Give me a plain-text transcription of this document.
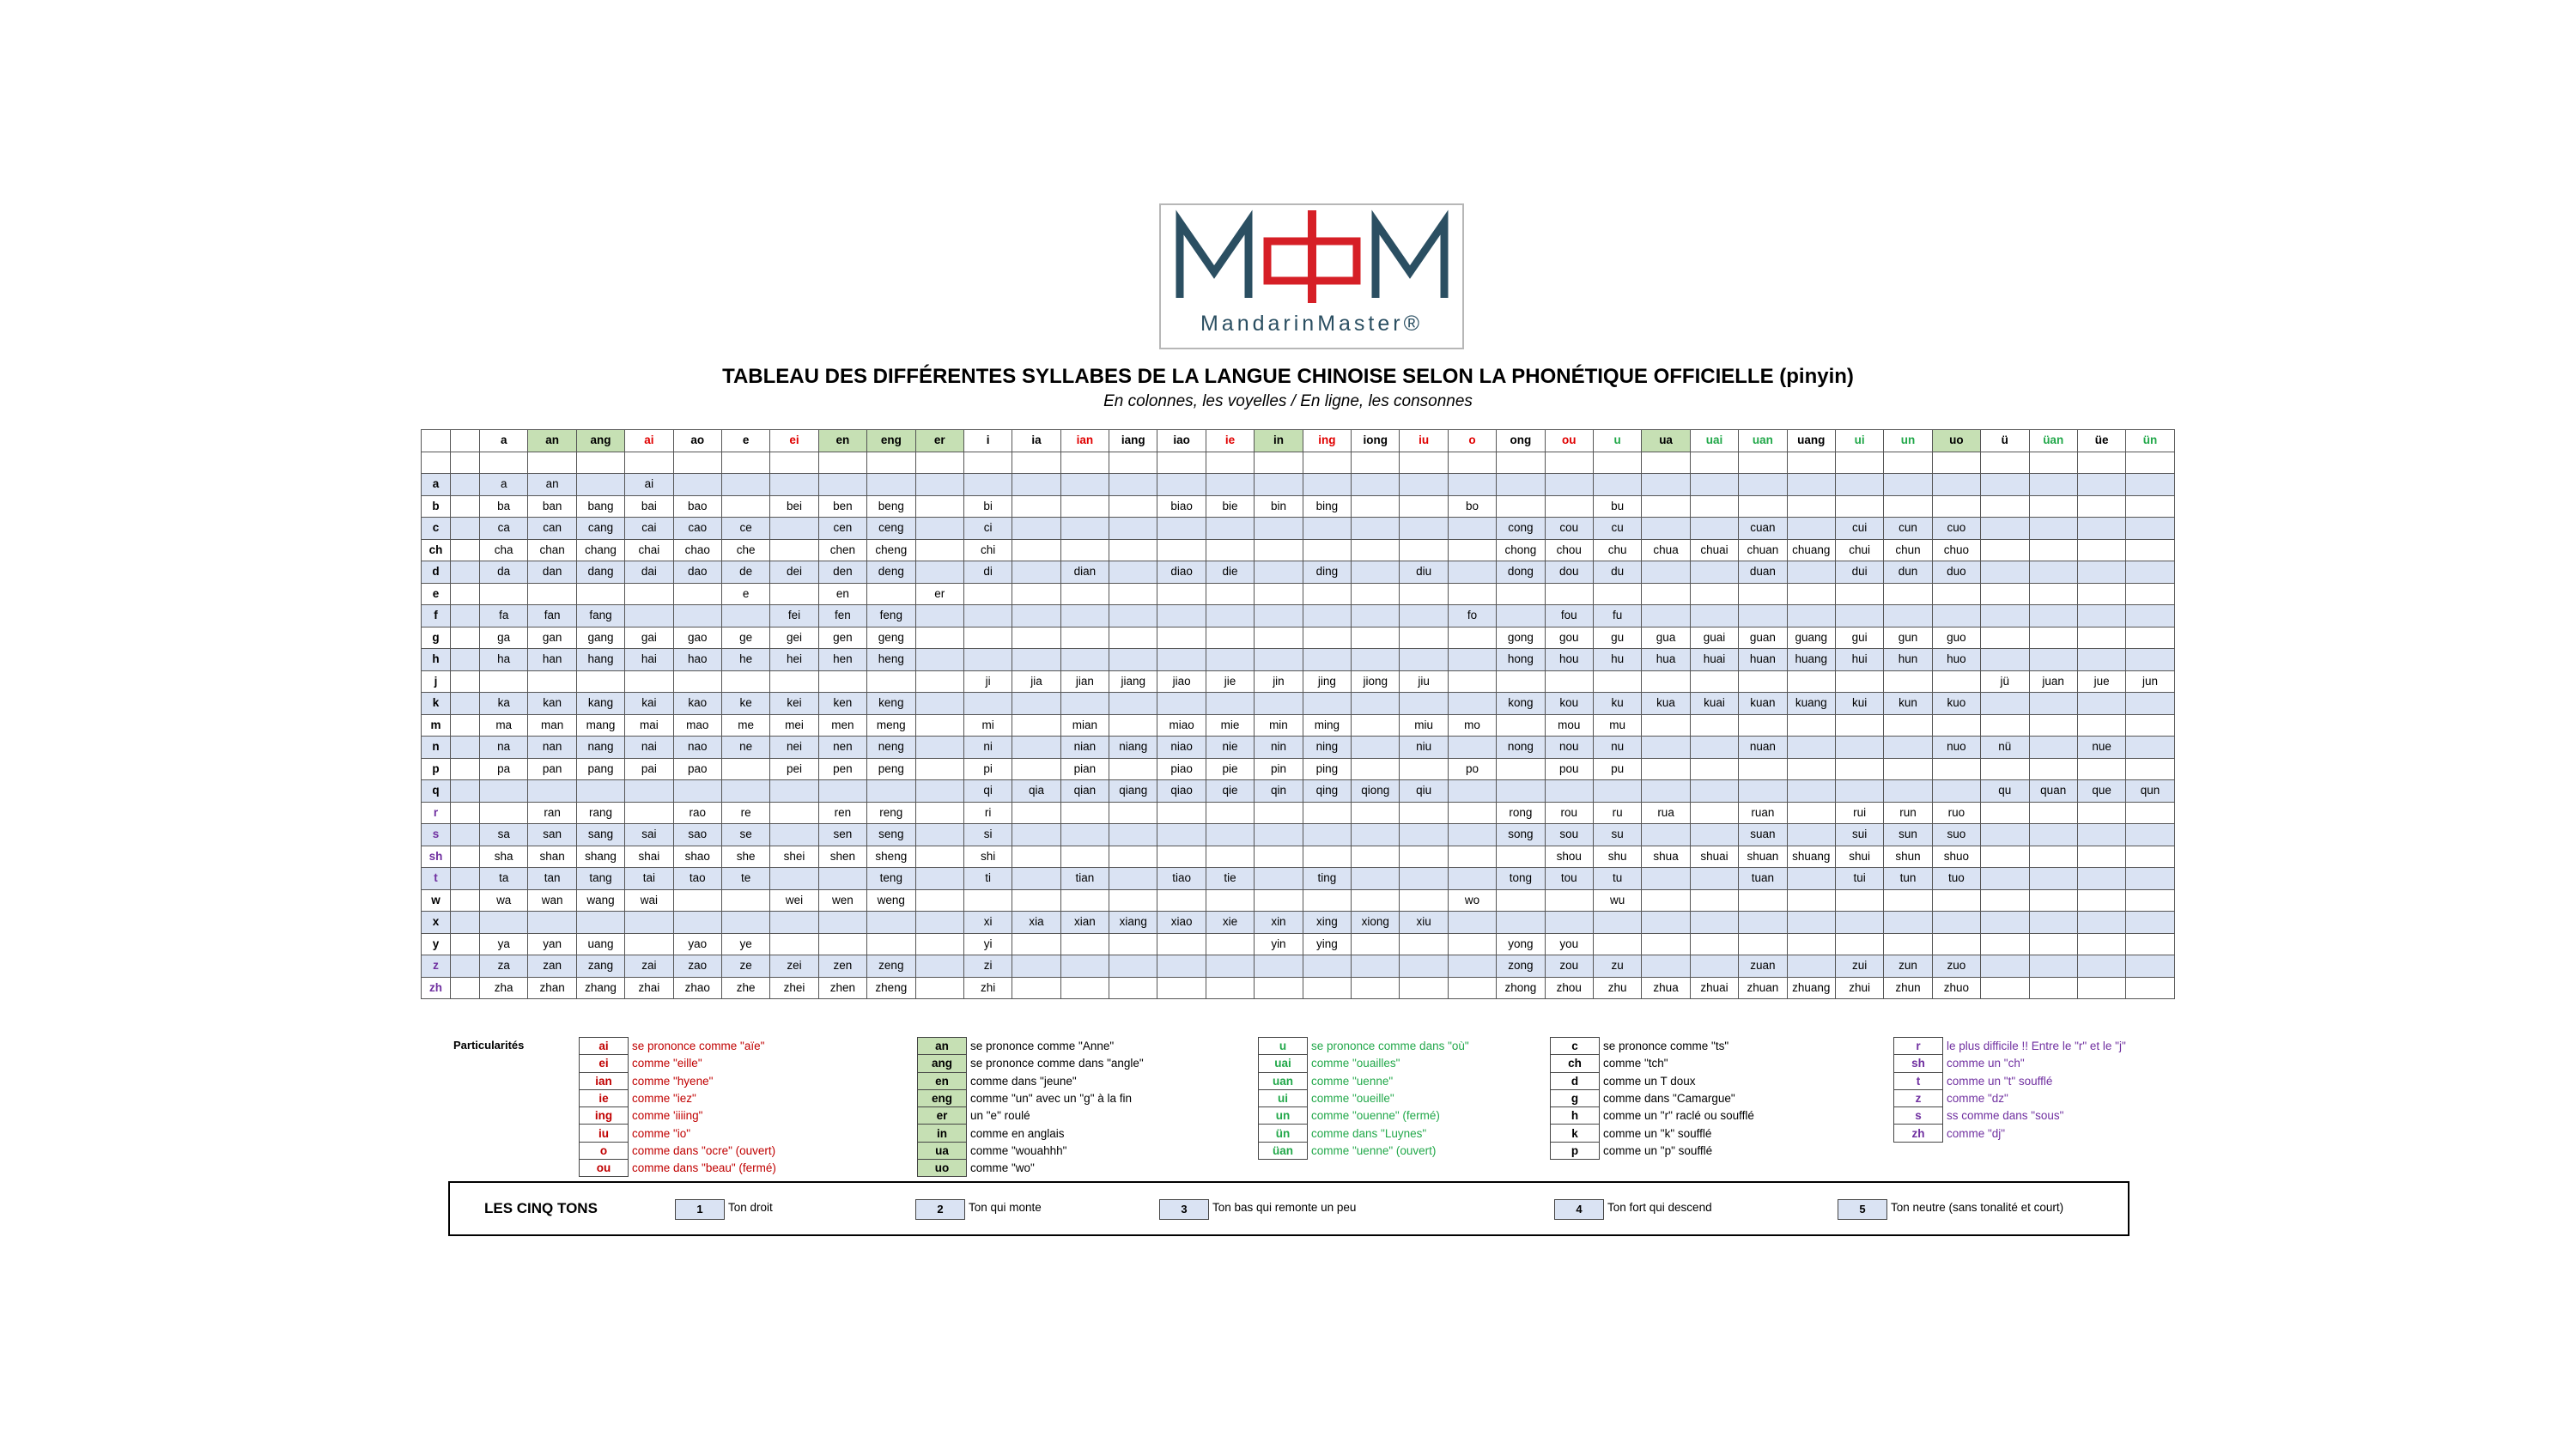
MandarinMaster®
TABLEAU DES DIFFÉRENTES SYLLABES DE LA LANGUE CHINOISE SELON LA PHONÉTIQUE OFFICIELLE (pinyin)
En colonnes, les voyelles / En ligne, les consonnes
		a	an	ang	ai	ao	e	ei	en	eng	er	i	ia	ian	iang	iao	ie	in	ing	iong	iu	o	ong	ou	u	ua	uai	uan	uang	ui	un	uo	ü	üan	üe	ün

a		a	an		ai																															
b		ba	ban	bang	bai	bao		bei	ben	beng		bi				biao	bie	bin	bing			bo			bu											
c		ca	can	cang	cai	cao	ce		cen	ceng		ci											cong	cou	cu			cuan		cui	cun	cuo				
ch		cha	chan	chang	chai	chao	che		chen	cheng		chi											chong	chou	chu	chua	chuai	chuan	chuang	chui	chun	chuo				
d		da	dan	dang	dai	dao	de	dei	den	deng		di		dian		diao	die		ding		diu		dong	dou	du			duan		dui	dun	duo				
e							e		en		er																									
f		fa	fan	fang				fei	fen	feng												fo		fou	fu											
g		ga	gan	gang	gai	gao	ge	gei	gen	geng													gong	gou	gu	gua	guai	guan	guang	gui	gun	guo				
h		ha	han	hang	hai	hao	he	hei	hen	heng													hong	hou	hu	hua	huai	huan	huang	hui	hun	huo				
j												ji	jia	jian	jiang	jiao	jie	jin	jing	jiong	jiu												jü	juan	jue	jun
k		ka	kan	kang	kai	kao	ke	kei	ken	keng													kong	kou	ku	kua	kuai	kuan	kuang	kui	kun	kuo				
m		ma	man	mang	mai	mao	me	mei	men	meng		mi		mian		miao	mie	min	ming		miu	mo		mou	mu											
n		na	nan	nang	nai	nao	ne	nei	nen	neng		ni		nian	niang	niao	nie	nin	ning		niu		nong	nou	nu			nuan				nuo	nü		nue	
p		pa	pan	pang	pai	pao		pei	pen	peng		pi		pian		piao	pie	pin	ping			po		pou	pu											
q												qi	qia	qian	qiang	qiao	qie	qin	qing	qiong	qiu												qu	quan	que	qun
r			ran	rang		rao	re		ren	reng		ri											rong	rou	ru	rua		ruan		rui	run	ruo				
s		sa	san	sang	sai	sao	se		sen	seng		si											song	sou	su			suan		sui	sun	suo				
sh		sha	shan	shang	shai	shao	she	shei	shen	sheng		shi												shou	shu	shua	shuai	shuan	shuang	shui	shun	shuo				
t		ta	tan	tang	tai	tao	te			teng		ti		tian		tiao	tie		ting				tong	tou	tu			tuan		tui	tun	tuo				
w		wa	wan	wang	wai			wei	wen	weng												wo			wu											
x												xi	xia	xian	xiang	xiao	xie	xin	xing	xiong	xiu															
y		ya	yan	uang		yao	ye					yi						yin	ying				yong	you												
z		za	zan	zang	zai	zao	ze	zei	zen	zeng		zi											zong	zou	zu			zuan		zui	zun	zuo				
zh		zha	zhan	zhang	zhai	zhao	zhe	zhei	zhen	zheng		zhi											zhong	zhou	zhu	zhua	zhuai	zhuan	zhuang	zhui	zhun	zhuo				
Particularités	ai	se prononce comme "aïe"
ei	comme "eille"
ian	comme "hyene"
ie	comme "iez"
ing	comme 'iiiing"
iu	comme "io"
o	comme dans "ocre" (ouvert)
ou	comme dans "beau" (fermé)
an	se prononce comme "Anne"
ang	se prononce comme dans "angle"
en	comme dans "jeune"
eng	comme "un" avec un "g" à la fin
er	un "e" roulé
in	comme en anglais
ua	comme "wouahhh"
uo	comme "wo"
u	se prononce comme dans "où"
uai	comme "ouailles"
uan	comme "uenne"
ui	comme "oueille"
un	comme "ouenne" (fermé)
ün	comme dans "Luynes"
üan	comme "uenne" (ouvert)
c	se prononce comme "ts"
ch	comme "tch"
d	comme un T doux
g	comme dans "Camargue"
h	comme un "r" raclé ou soufflé
k	comme un "k" soufflé
p	comme un "p" soufflé
r	le plus difficile !! Entre le "r" et le "j"
sh	comme un "ch"
t	comme un "t" soufflé
z	comme "dz"
s	ss comme dans "sous"
zh	comme "dj"
LES CINQ TONS	1	Ton droit	2	Ton qui monte	3	Ton bas qui remonte un peu	4	Ton fort qui descend	5	Ton neutre (sans tonalité et court)
